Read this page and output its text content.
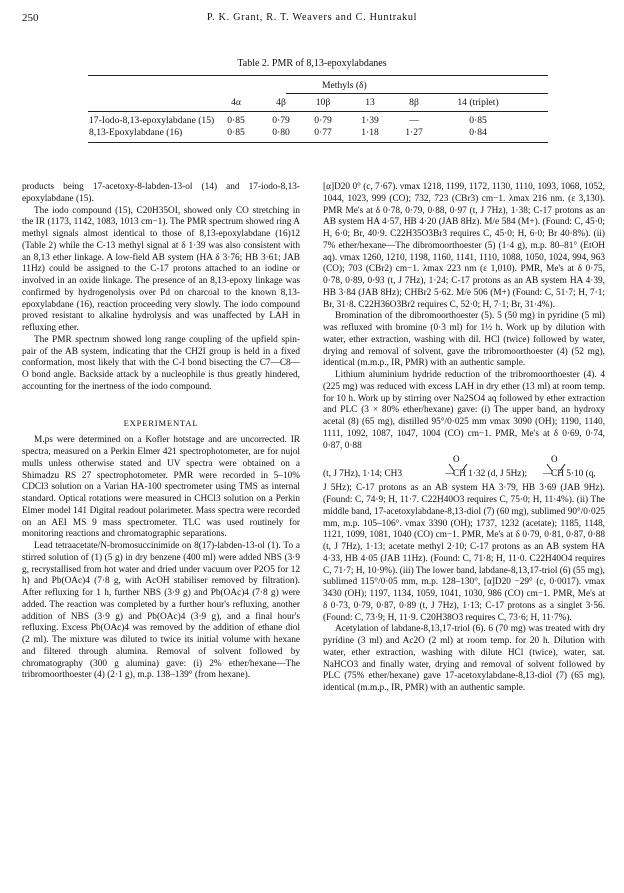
250	P. K. Grant, R. T. Weavers and C. Huntrakul
Table 2. PMR of 8,13-epoxylabdanes
Methyls (δ)
4α	4β	10β	13	8β	14 (triplet)
17-Iodo-8,13-epoxylabdane (15) 0·85	0·79	0·79	1·39	—	0·85
8,13-Epoxylabdane (16)	0·85	0·80	0·77	1·18	1·27	0·84

products being 17-acetoxy-8-labden-13-ol (14) and 17-iodo-8,13-epoxylabdane (15).

The iodo compound (15), C20H35OI, showed only CO stretching in the IR (1173, 1142, 1083, 1013 cm−1). The PMR spectrum showed ring A methyl signals almost identical to those of 8,13-epoxylabdane (16)12 (Table 2) while the C-13 methyl signal at δ 1·39 was also consistent with an 8,13 ether linkage. A low-field AB system (HA δ 3·76; HB 3·61; JAB 11Hz) could be assigned to the C-17 protons attached to an iodine or involved in an oxide linkage. The presence of an 8,13-epoxy linkage was confirmed by hydrogenolysis over Pd on charcoal to the known 8,13-epoxylabdane (16), reaction proceeding very slowly. The iodo compound proved resistant to alkaline hydrolysis and was unaffected by LAH in refluxing ether.

The PMR spectrum showed long range coupling of the upfield spin-pair of the AB system, indicating that the CH2I group is held in a fixed conformation, most likely that with the C-I bond bisecting the C7—C8—O bond angle. Backside attack by a nucleophile is thus greatly hindered, accounting for the inertness of the iodo compound.

EXPERIMENTAL

M.ps were determined on a Kofler hotstage and are uncorrected. IR spectra, measured on a Perkin Elmer 421 spectrophotometer, are for nujol mulls unless otherwise stated and UV spectra were obtained on a Shimadzu RS 27 spectrophotometer. PMR were recorded in 5–10% CDCl3 solution on a Varian HA-100 spectrometer using TMS as internal standard. Optical rotations were measured in CHCl3 solution on a Perkin Elmer model 141 Digital readout polarimeter. Mass spectra were recorded on an AEI MS 9 mass spectrometer. TLC was used routinely for monitoring reactions and chromatographic separations.

Lead tetraacetate/N-bromosuccinimide on 8(17)-labden-13-ol (1). To a stirred solution of (1) (5 g) in dry benzene (400 ml) were added NBS (3·9 g, recrystallised from hot water and dried under vacuum over P2O5 for 12 h) and Pb(OAc)4 (7·8 g, with AcOH stabiliser removed by filtration). After refluxing for 1 h, further NBS (3·9 g) and Pb(OAc)4 (7·8 g) were added. The reaction was completed by a further hour's refluxing, another addition of NBS (3·9 g) and Pb(OAc)4 (3·9 g), and a final hour's refluxing. Excess Pb(OAc)4 was removed by the addition of ethane diol (2 ml). The mixture was diluted to twice its initial volume with hexane and filtered through alumina. Removal of solvent followed by chromatography (300 g alumina) gave: (i) 2% ether/hexane—The tribromoorthoester (4) (2·1 g), m.p. 138–139° (from hexane).

[α]D20 0° (c, 7·67). νmax 1218, 1199, 1172, 1130, 1110, 1093, 1068, 1052, 1044, 1023, 999 (CO); 732, 723 (CBr3) cm−1. λmax 216 nm. (ε 3,130). PMR Me's at δ 0·78, 0·79, 0·88, 0·97 (t, J 7Hz), 1·38; C-17 protons as an AB system HA 4·57, HB 4·20 (JAB 8Hz). M/e 584 (M+). (Found: C, 45·0; H, 6·0; Br, 40·9. C22H35O3Br3 requires C, 45·0; H, 6·0; Br 40·8%). (ii) 7% ether/hexane—The dibromoorthoester (5) (1·4 g), m.p. 80–81° (EtOH aq). νmax 1260, 1210, 1198, 1160, 1141, 1110, 1088, 1050, 1024, 994, 963 (CO); 703 (CBr2) cm−1. λmax 223 nm (ε 1,010). PMR, Me's at δ 0·75, 0·78, 0·89, 0·93 (t, J 7Hz), 1·24; C-17 protons as an AB system HA 4·39, HB 3·84 (JAB 8Hz); CHBr2 5·62. M/e 506 (M+) (Found: C, 51·7; H, 7·1; Br, 31·8. C22H36O3Br2 requires C, 52·0; H, 7·1; Br, 31·4%).

Bromination of the dibromoorthoester (5). 5 (50 mg) in pyridine (5 ml) was refluxed with bromine (0·3 ml) for 1½ h. Work up by dilution with water, ether extraction, washing with dil. HCl (twice) followed by water, drying and removal of solvent, gave the tribromoorthoester (4) (52 mg), identical (m.m.p., IR, PMR) with an authentic sample.

Lithium aluminium hydride reduction of the tribromoorthoester (4). 4 (225 mg) was reduced with excess LAH in dry ether (13 ml) at room temp. for 10 h. Work up by stirring over Na2SO4 aq followed by ether extraction and PLC (3 × 80% ether/hexane) gave: (i) The upper band, an hydroxy acetal (8) (65 mg), distilled 95°/0·025 mm νmax 3090 (OH); 1190, 1140, 1111, 1092, 1087, 1047, 1004 (CO) cm−1. PMR, Me's at δ 0·69, 0·74, 0·87, 0·88

O	O
(t, J 7Hz), 1·14; CH3	—
CH 1·32 (d, J 5Hz); —
CH 5·10 (q,

J 5Hz); C-17 protons as an AB system HA 3·79, HB 3·69 (JAB 9Hz). (Found: C, 74·9; H, 11·7. C22H40O3 requires C, 75·0; H, 11·4%). (ii) The middle band, 17-acetoxylabdane-8,13-diol (7) (60 mg), sublimed 90°/0·025 mm, m.p. 105–106°. νmax 3390 (OH); 1737, 1232 (acetate); 1185, 1148, 1121, 1099, 1081, 1040 (CO) cm−1. PMR, Me's at δ 0·79, 0·81, 0·87, 0·88 (t, J 7Hz), 1·13; acetate methyl 2·10; C-17 protons as an AB system HA 4·33, HB 4·05 (JAB 11Hz). (Found: C, 71·8; H, 11·0. C22H40O4 requires C, 71·7; H, 10·9%). (iii) The lower band, labdane-8,13,17-triol (6) (55 mg), sublimed 115°/0·05 mm, m.p. 128–130°, [α]D20 −29° (c, 0·0017). νmax 3430 (OH); 1197, 1134, 1059, 1041, 1030, 986 (CO) cm−1. PMR, Me's at δ 0·73, 0·79, 0·87, 0·89 (t, J 7Hz), 1·13; C-17 protons as a singlet 3·56. (Found: C, 73·9; H, 11·9. C20H38O3 requires C, 73·6; H, 11·7%).

Acetylation of labdane-8,13,17-triol (6). 6 (70 mg) was treated with dry pyridine (3 ml) and Ac2O (2 ml) at room temp. for 20 h. Dilution with water, ether extraction, washing with dilute HCl (twice), water, sat. NaHCO3 and finally water, drying and removal of solvent followed by PLC (75% ether/hexane) gave 17-acetoxylabdane-8,13-diol (7) (65 mg), identical (m.m.p., IR, PMR) with an authentic sample.
